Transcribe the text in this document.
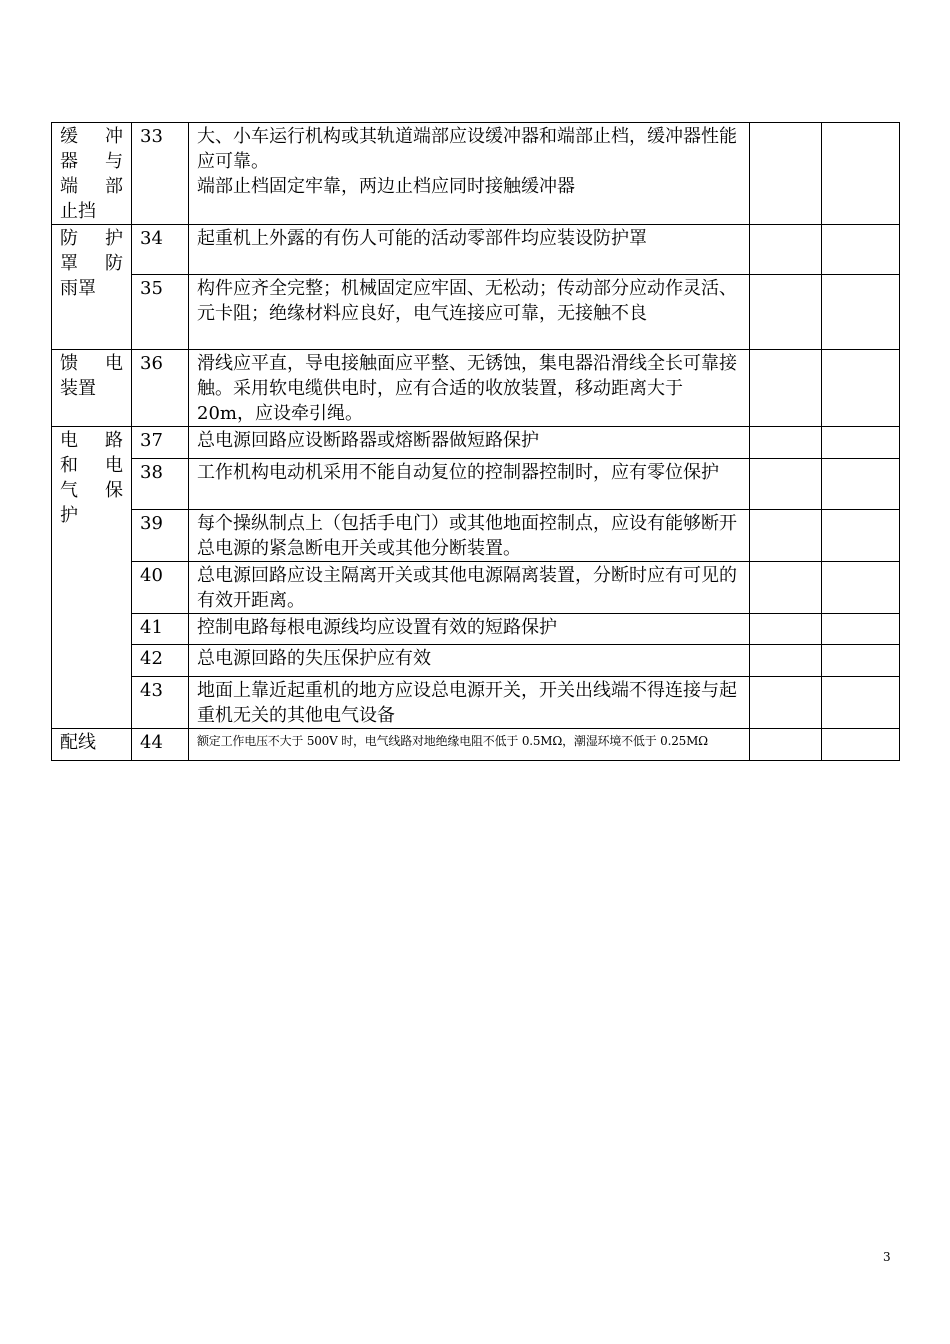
缓 冲
器 与
端 部
止挡	33	大、小车运行机构或其轨道端部应设缓冲器和端部止档，缓冲器性能应可靠。
端部止档固定牢靠，两边止档应同时接触缓冲器		

防 护
罩 防
雨罩	34	起重机上外露的有伤人可能的活动零部件均应装设防护罩		

	35	构件应齐全完整；机械固定应牢固、无松动；传动部分应动作灵活、元卡阻；绝缘材料应良好，电气连接应可靠，无接触不良		

馈 电
装置	36	滑线应平直，导电接触面应平整、无锈蚀，集电器沿滑线全长可靠接触。采用软电缆供电时，应有合适的收放装置，移动距离大于 20m，应设牵引绳。		

电 路
和 电
气 保
护	37	总电源回路应设断路器或熔断器做短路保护		

	38	工作机构电动机采用不能自动复位的控制器控制时，应有零位保护		

	39	每个操纵制点上（包括手电门）或其他地面控制点，应设有能够断开总电源的紧急断电开关或其他分断装置。		

	40	总电源回路应设主隔离开关或其他电源隔离装置，分断时应有可见的有效开距离。		

	41	控制电路每根电源线均应设置有效的短路保护		

	42	总电源回路的失压保护应有效		

	43	地面上靠近起重机的地方应设总电源开关，开关出线端不得连接与起重机无关的其他电气设备		

配线	44	额定工作电压不大于 500V 时，电气线路对地绝缘电阻不低于 0.5MΩ，潮湿环境不低于 0.25MΩ		

3
